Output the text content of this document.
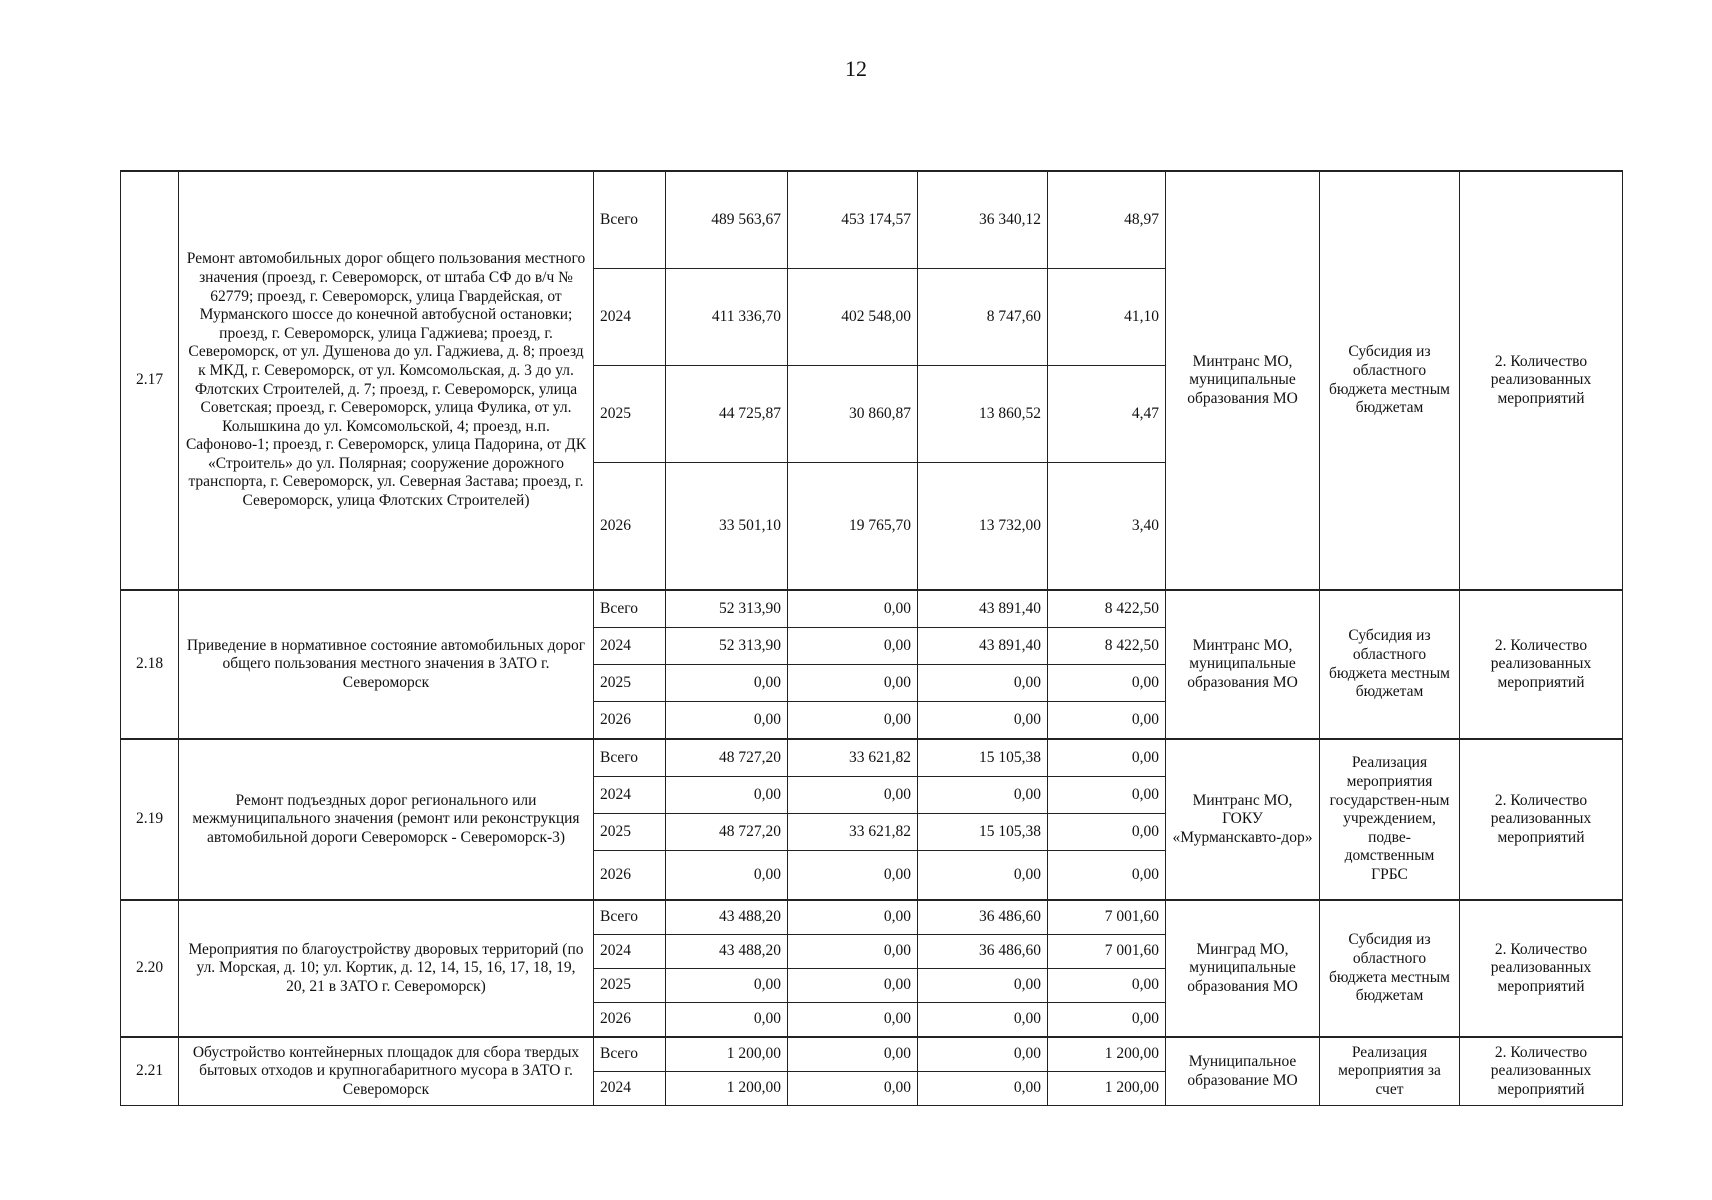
12
2.17	Ремонт автомобильных дорог общего пользования местного значения (проезд, г. Североморск, от штаба СФ до в/ч № 62779; проезд, г. Североморск, улица Гвардейская, от Мурманского шоссе до конечной автобусной остановки; проезд, г. Североморск, улица Гаджиева; проезд, г. Североморск, от ул. Душенова до ул. Гаджиева, д. 8; проезд к МКД, г. Североморск, от ул. Комсомольская, д. 3 до ул. Флотских Строителей, д. 7; проезд, г. Североморск, улица Советская; проезд, г. Североморск, улица Фулика, от ул. Колышкина до ул. Комсомольской, 4; проезд, н.п. Сафоново-1; проезд, г. Североморск, улица Падорина, от ДК «Строитель» до ул. Полярная; сооружение дорожного транспорта, г. Североморск, ул. Северная Застава; проезд, г. Североморск, улица Флотских Строителей)	Всего	489 563,67	453 174,57	36 340,12	48,97	Минтранс МО, муниципальные образования МО	Субсидия из областного бюджета местным бюджетам	2. Количество реализованных мероприятий
		2024	411 336,70	402 548,00	8 747,60	41,10			
		2025	44 725,87	30 860,87	13 860,52	4,47			
		2026	33 501,10	19 765,70	13 732,00	3,40			
2.18	Приведение в нормативное состояние автомобильных дорог общего пользования местного значения в ЗАТО г. Североморск	Всего	52 313,90	0,00	43 891,40	8 422,50	Минтранс МО, муниципальные образования МО	Субсидия из областного бюджета местным бюджетам	2. Количество реализованных мероприятий
		2024	52 313,90	0,00	43 891,40	8 422,50			
		2025	0,00	0,00	0,00	0,00			
		2026	0,00	0,00	0,00	0,00			
2.19	Ремонт подъездных дорог регионального или межмуниципального значения (ремонт или реконструкция автомобильной дороги Североморск - Североморск-3)	Всего	48 727,20	33 621,82	15 105,38	0,00	Минтранс МО, ГОКУ «Мурманскавто-дор»	Реализация мероприятия государствен-ным учреждением, подве-домственным ГРБС	2. Количество реализованных мероприятий
		2024	0,00	0,00	0,00	0,00			
		2025	48 727,20	33 621,82	15 105,38	0,00			
		2026	0,00	0,00	0,00	0,00			
2.20	Мероприятия по благоустройству дворовых территорий (по ул. Морская, д. 10; ул. Кортик, д. 12, 14, 15, 16, 17, 18, 19, 20, 21 в ЗАТО г. Североморск)	Всего	43 488,20	0,00	36 486,60	7 001,60	Минград МО, муниципальные образования МО	Субсидия из областного бюджета местным бюджетам	2. Количество реализованных мероприятий
		2024	43 488,20	0,00	36 486,60	7 001,60			
		2025	0,00	0,00	0,00	0,00			
		2026	0,00	0,00	0,00	0,00			
2.21	Обустройство контейнерных площадок для сбора твердых бытовых отходов и крупногабаритного мусора в ЗАТО г. Североморск	Всего	1 200,00	0,00	0,00	1 200,00	Муниципальное образование МО	Реализация мероприятия за счет	2. Количество реализованных мероприятий
		2024	1 200,00	0,00	0,00	1 200,00			
